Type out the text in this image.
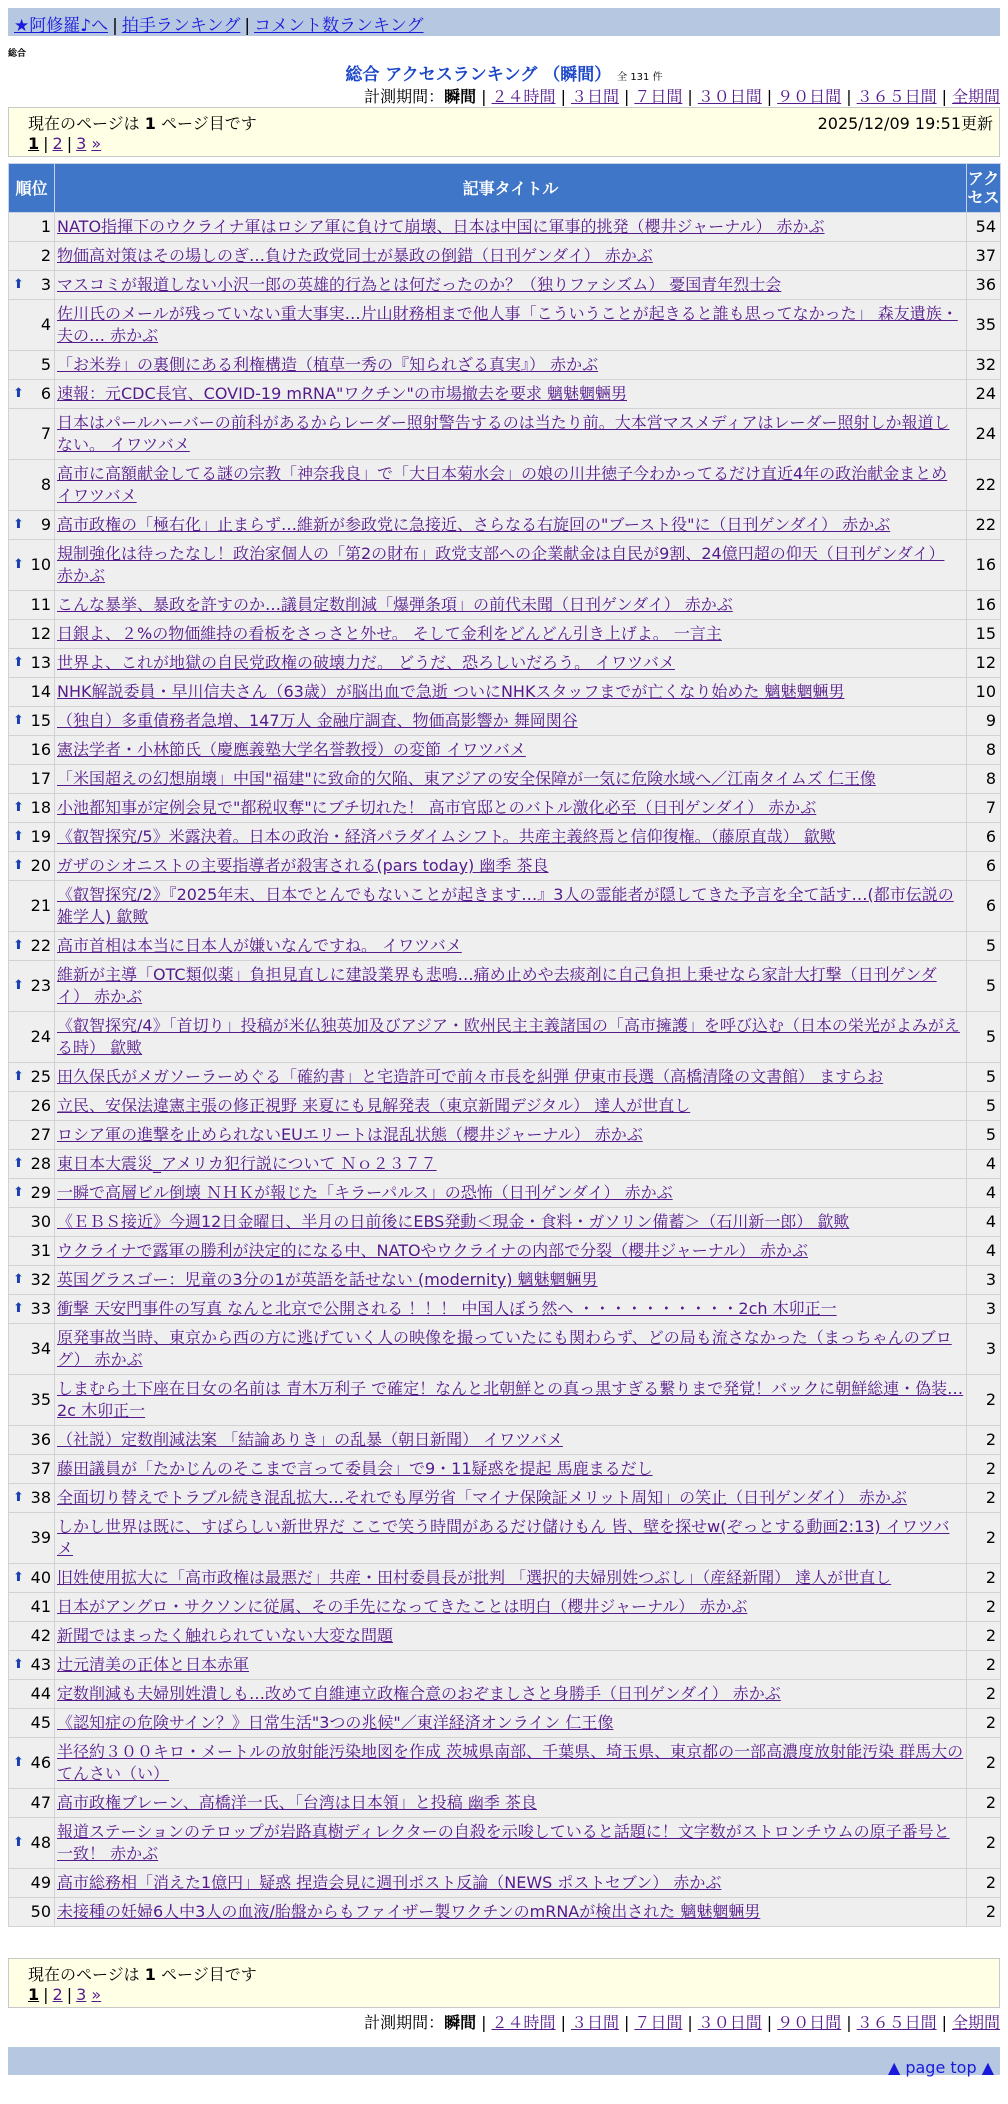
★阿修羅♪へ | 拍手ランキング | コメント数ランキング
総合
総合 アクセスランキング （瞬間） 全 131 件
計測期間：瞬間 | ２４時間 | ３日間 | ７日間 | ３０日間 | ９０日間 | ３６５日間 | 全期間
現在のページは 1 ページ目です	2025/12/09 19:51更新
1 | 2 | 3 »
順位	記事タイトル	アクセス
1	NATO指揮下のウクライナ軍はロシア軍に負けて崩壊、日本は中国に軍事的挑発（櫻井ジャーナル） 赤かぶ	54
2	物価高対策はその場しのぎ…負けた政党同士が暴政の倒錯（日刊ゲンダイ） 赤かぶ	37

⬆ 3	マスコミが報道しない小沢一郎の英雄的行為とは何だったのか？（独りファシズム） 憂国青年烈士会	36
4	佐川氏のメールが残っていない重大事実…片山財務相まで他人事「こういうことが起きると誰も思ってなかった」 森友遺族・夫の… 赤かぶ	35
5	「お米券」の裏側にある利権構造（植草一秀の『知られざる真実』） 赤かぶ	32

⬆ 6	速報：元CDC長官、COVID-19 mRNA"ワクチン"の市場撤去を要求 魑魅魍魎男	24
7	日本はパールハーバーの前科があるからレーダー照射警告するのは当たり前。大本営マスメディアはレーダー照射しか報道しない。 イワツバメ	24
8	高市に高額献金してる謎の宗教「神奈我良」で「大日本菊水会」の娘の川井徳子今わかってるだけ直近4年の政治献金まとめ イワツバメ	22

⬆ 9	高市政権の「極右化」止まらず…維新が参政党に急接近、さらなる右旋回の"ブースト役"に（日刊ゲンダイ） 赤かぶ	22

⬆ 10	規制強化は待ったなし！政治家個人の「第2の財布」政党支部への企業献金は自民が9割、24億円超の仰天（日刊ゲンダイ） 赤かぶ	16
11	こんな暴挙、暴政を許すのか…議員定数削減「爆弾条項」の前代未聞（日刊ゲンダイ） 赤かぶ	16
12	日銀よ、２%の物価維持の看板をさっさと外せ。 そして金利をどんどん引き上げよ。 一言主	15

⬆ 13	世界よ、これが地獄の自民党政権の破壊力だ。 どうだ、恐ろしいだろう。 イワツバメ	12
14	NHK解説委員・早川信夫さん（63歳）が脳出血で急逝 ついにNHKスタッフまでが亡くなり始めた 魑魅魍魎男	10

⬆ 15	（独自）多重債務者急増、147万人 金融庁調査、物価高影響か 舞岡関谷	9
16	憲法学者・小林節氏（慶應義塾大学名誉教授）の変節 イワツバメ	8
17	「米国超えの幻想崩壊」中国"福建"に致命的欠陥、東アジアの安全保障が一気に危険水域へ／江南タイムズ 仁王像	8

⬆ 18	小池都知事が定例会見で"都税収奪"にブチ切れた！ 高市官邸とのバトル激化必至（日刊ゲンダイ） 赤かぶ	7

⬆ 19	《叡智探究/5》米露決着。日本の政治・経済パラダイムシフト。共産主義終焉と信仰復権。（藤原直哉） 歙歟	6

⬆ 20	ガザのシオニストの主要指導者が殺害される(pars today) 幽季 茶良	6
21	《叡智探究/2》『2025年末、日本でとんでもないことが起きます…』3人の霊能者が隠してきた予言を全て話す…(都市伝説の雑学人) 歙歟	6

⬆ 22	高市首相は本当に日本人が嫌いなんですね。 イワツバメ	5

⬆ 23	維新が主導「OTC類似薬」負担見直しに建設業界も悲鳴…痛め止めや去痰剤に自己負担上乗せなら家計大打撃（日刊ゲンダイ） 赤かぶ	5
24	《叡智探究/4》「首切り」投稿が米仏独英加及びアジア・欧州民主主義諸国の「高市擁護」を呼び込む（日本の栄光がよみがえる時） 歙歟	5

⬆ 25	田久保氏がメガソーラーめぐる「確約書」と宅造許可で前々市長を糾弾 伊東市長選（高橋清隆の文書館） ますらお	5
26	立民、安保法違憲主張の修正視野 来夏にも見解発表（東京新聞デジタル） 達人が世直し	5
27	ロシア軍の進撃を止められないEUエリートは混乱状態（櫻井ジャーナル） 赤かぶ	5

⬆ 28	東日本大震災_アメリカ犯行説について Ｎｏ２３７７	4

⬆ 29	一瞬で高層ビル倒壊 ＮＨＫが報じた「キラーパルス」の恐怖（日刊ゲンダイ） 赤かぶ	4
30	《ＥＢＳ接近》今週12日金曜日、半月の日前後にEBS発動＜現金・食料・ガソリン備蓄＞（石川新一郎） 歙歟	4
31	ウクライナで露軍の勝利が決定的になる中、NATOやウクライナの内部で分裂（櫻井ジャーナル） 赤かぶ	4

⬆ 32	英国グラスゴー：児童の3分の1が英語を話せない (modernity) 魑魅魍魎男	3

⬆ 33	衝撃 天安門事件の写真 なんと北京で公開される ！！！ 中国人ぼう然へ ・・・・・・・・・・2ch 木卯正一	3
34	原発事故当時、東京から西の方に逃げていく人の映像を撮っていたにも関わらず、どの局も流さなかった（まっちゃんのブログ） 赤かぶ	3
35	しまむら土下座在日女の名前は 青木万利子 で確定！なんと北朝鮮との真っ黒すぎる繋りまで発覚！バックに朝鮮総連・偽装…2c 木卯正一	2
36	（社説）定数削減法案 「結論ありき」の乱暴（朝日新聞） イワツバメ	2
37	藤田議員が「たかじんのそこまで言って委員会」で9・11疑惑を提起 馬鹿まるだし	2

⬆ 38	全面切り替えでトラブル続き混乱拡大…それでも厚労省「マイナ保険証メリット周知」の笑止（日刊ゲンダイ） 赤かぶ	2
39	しかし世界は既に、すばらしい新世界だ ここで笑う時間があるだけ儲けもん 皆、壁を探せw(ぞっとする動画2:13) イワツバメ	2

⬆ 40	旧姓使用拡大に「高市政権は最悪だ」共産・田村委員長が批判 「選択的夫婦別姓つぶし」（産経新聞） 達人が世直し	2
41	日本がアングロ・サクソンに従属、その手先になってきたことは明白（櫻井ジャーナル） 赤かぶ	2
42	新聞ではまったく触れられていない大変な問題	2

⬆ 43	辻元清美の正体と日本赤軍	2
44	定数削減も夫婦別姓潰しも…改めて自維連立政権合意のおぞましさと身勝手（日刊ゲンダイ） 赤かぶ	2
45	《認知症の危険サイン？》日常生活"3つの兆候"／東洋経済オンライン 仁王像	2

⬆ 46	半径約３００キロ・メートルの放射能汚染地図を作成 茨城県南部、千葉県、埼玉県、東京都の一部高濃度放射能汚染 群馬大の てんさい（い）	2
47	高市政権ブレーン、高橋洋一氏、「台湾は日本領」と投稿 幽季 茶良	2

⬆ 48	報道ステーションのテロップが岩路真樹ディレクターの自殺を示唆していると話題に！文字数がストロンチウムの原子番号と一致！ 赤かぶ	2
49	高市総務相「消えた1億円」疑惑 捏造会見に週刊ポスト反論（NEWS ポストセブン） 赤かぶ	2
50	未接種の妊婦6人中3人の血液/胎盤からもファイザー製ワクチンのmRNAが検出された 魑魅魍魎男	2
現在のページは 1 ページ目です
1 | 2 | 3 »
計測期間：瞬間 | ２４時間 | ３日間 | ７日間 | ３０日間 | ９０日間 | ３６５日間 | 全期間
▲ page top ▲
